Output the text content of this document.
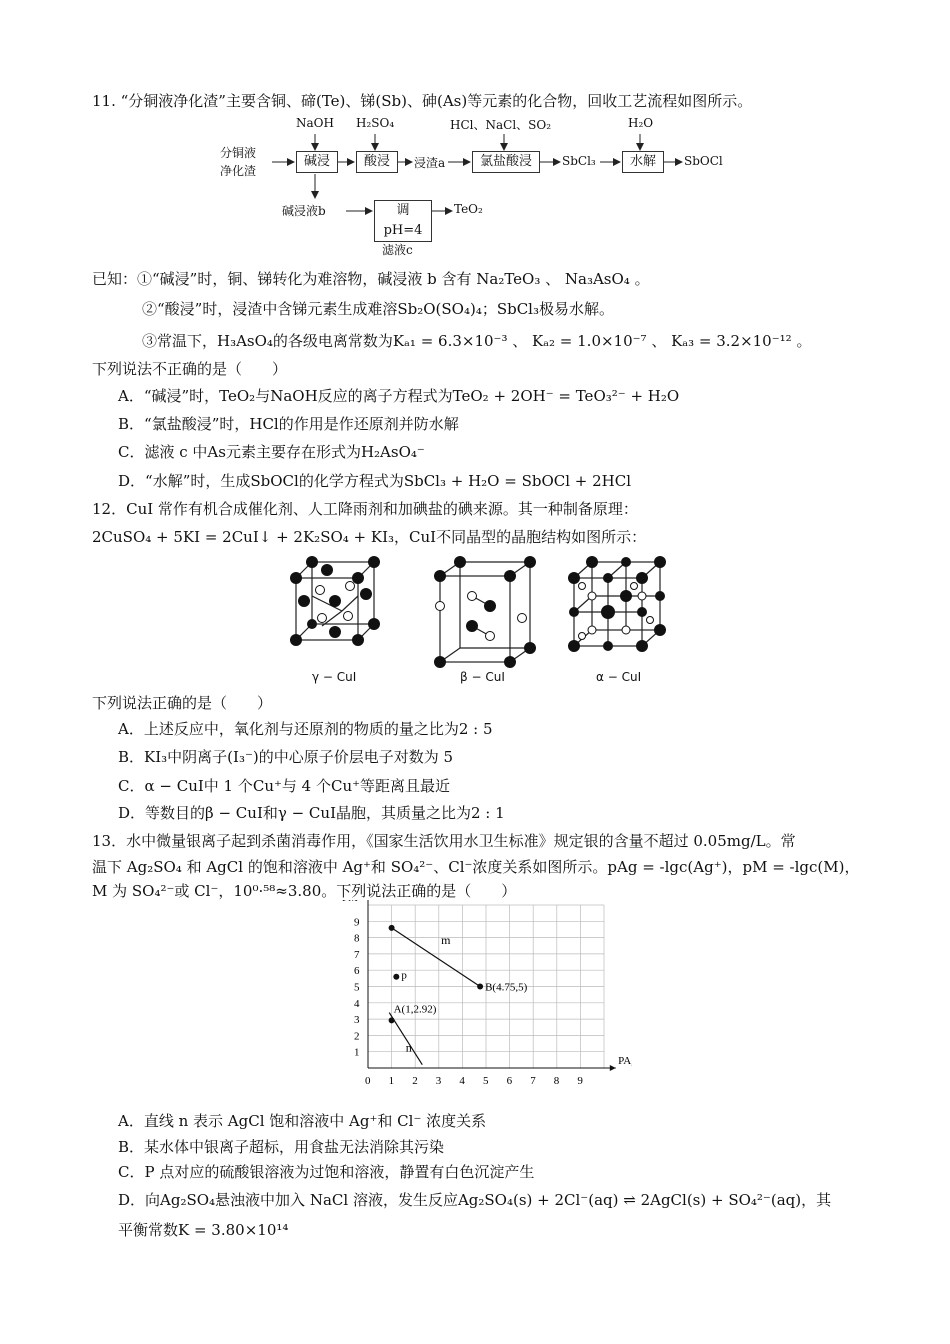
11. “分铜液净化渣”主要含铜、碲(Te)、锑(Sb)、砷(As)等元素的化合物，回收工艺流程如图所示。
分铜液
净化渣
NaOH H₂SO₄	HCl、NaCl、SO₂	H₂O
碱浸	酸浸	浸渣a	氯盐酸浸	SbCl₃	水解	SbOCl
碱浸液b	调pH=4
TeO₂
滤液c
已知：①“碱浸”时，铜、锑转化为难溶物，碱浸液 b 含有 Na₂TeO₃ 、 Na₃AsO₄ 。
②“酸浸”时，浸渣中含锑元素生成难溶Sb₂O(SO₄)₄；SbCl₃极易水解。
③常温下，H₃AsO₄的各级电离常数为Kₐ₁ = 6.3×10⁻³ 、 Kₐ₂ = 1.0×10⁻⁷ 、 Kₐ₃ = 3.2×10⁻¹² 。
下列说法不正确的是（　　）
A．“碱浸”时，TeO₂与NaOH反应的离子方程式为TeO₂ + 2OH⁻ = TeO₃²⁻ + H₂O
B．“氯盐酸浸”时，HCl的作用是作还原剂并防水解
C．滤液 c 中As元素主要存在形式为H₂AsO₄⁻
D．“水解”时，生成SbOCl的化学方程式为SbCl₃ + H₂O = SbOCl + 2HCl
12．CuI 常作有机合成催化剂、人工降雨剂和加碘盐的碘来源。其一种制备原理：
2CuSO₄ + 5KI = 2CuI↓ + 2K₂SO₄ + KI₃，CuI不同晶型的晶胞结构如图所示：
γ − CuI	β − CuI	α − CuI
下列说法正确的是（　　）
A．上述反应中，氧化剂与还原剂的物质的量之比为2 : 5
B．KI₃中阴离子(I₃⁻)的中心原子价层电子对数为 5
C．α − CuI中 1 个Cu⁺与 4 个Cu⁺等距离且最近
D．等数目的β − CuI和γ − CuI晶胞，其质量之比为2 : 1
13．水中微量银离子起到杀菌消毒作用，《国家生活饮用水卫生标准》规定银的含量不超过 0.05mg/L。常
温下 Ag₂SO₄ 和 AgCl 的饱和溶液中 Ag⁺和 SO₄²⁻、Cl⁻浓度关系如图所示。pAg = -lgc(Ag⁺)，pM = -lgc(M)，
M 为 SO₄²⁻或 Cl⁻，10⁰·⁵⁸≈3.80。下列说法正确的是（　　）
PA
0 1 2 3 4 5 6 7 8 9
1
2
3
4
5
6
7
8
9
m
n
p
A(1,2.92)
B(4.75,5)
A．直线 n 表示 AgCl 饱和溶液中 Ag⁺和 Cl⁻ 浓度关系
B．某水体中银离子超标，用食盐无法消除其污染
C．P 点对应的硫酸银溶液为过饱和溶液，静置有白色沉淀产生
D．向Ag₂SO₄悬浊液中加入 NaCl 溶液，发生反应Ag₂SO₄(s) + 2Cl⁻(aq) ⇌ 2AgCl(s) + SO₄²⁻(aq)，其
平衡常数K = 3.80×10¹⁴
